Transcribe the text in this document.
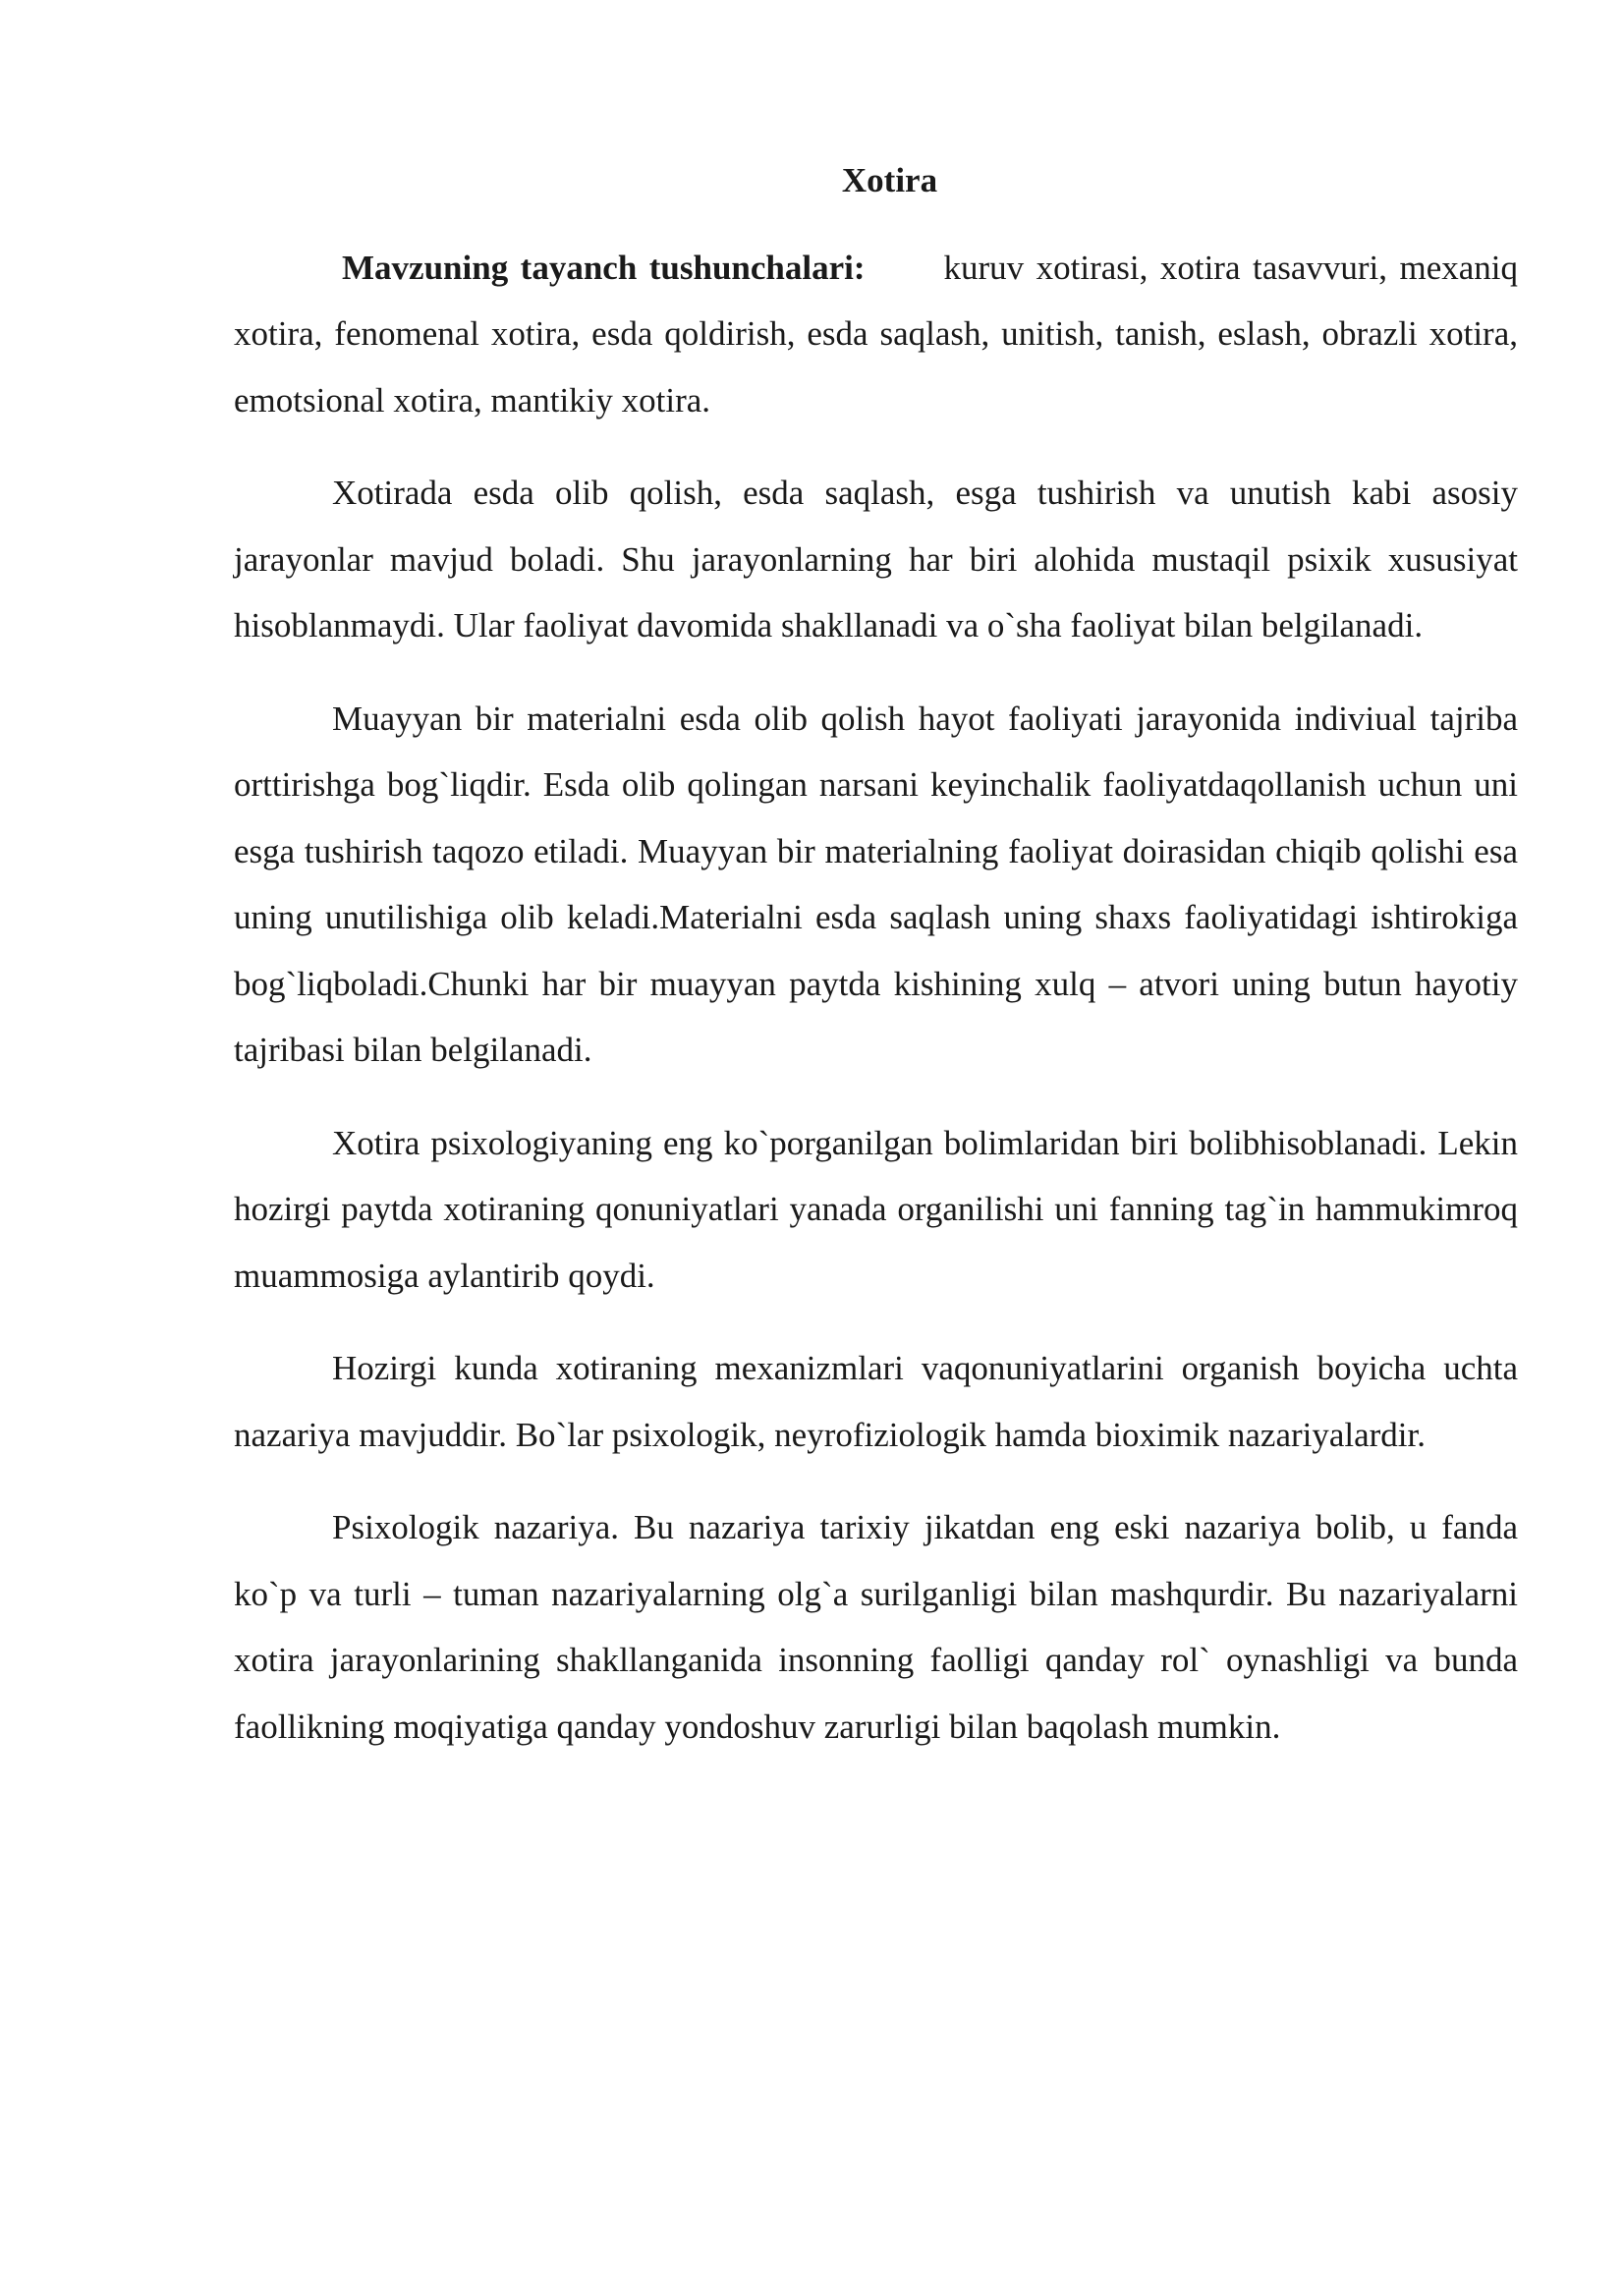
Xotira

Mavzuning tayanch tushunchalari: kuruv xotirasi, xotira tasavvuri, mexaniq xotira, fenomenal xotira, esda qoldirish, esda saqlash, unitish, tanish, eslash, obrazli xotira, emotsional xotira, mantikiy xotira.

Xotirada esda olib qolish, esda saqlash, esga tushirish va unutish kabi asosiy jarayonlar mavjud boladi. Shu jarayonlarning har biri alohida mustaqil psixik xususiyat hisoblanmaydi. Ular faoliyat davomida shakllanadi va o`sha faoliyat bilan belgilanadi.

Muayyan bir materialni esda olib qolish hayot faoliyati jarayonida indiviual tajriba orttirishga bog`liqdir. Esda olib qolingan narsani keyinchalik faoliyatdaqollanish uchun uni esga tushirish taqozo etiladi. Muayyan bir materialning faoliyat doirasidan chiqib qolishi esa uning unutilishiga olib keladi.Materialni esda saqlash uning shaxs faoliyatidagi ishtirokiga bog`liqboladi.Chunki har bir muayyan paytda kishining xulq – atvori uning butun hayotiy tajribasi bilan belgilanadi.

Xotira psixologiyaning eng ko`porganilgan bolimlaridan biri bolibhisoblanadi. Lekin hozirgi paytda xotiraning qonuniyatlari yanada organilishi uni fanning tag`in hammukimroq muammosiga aylantirib qoydi.

Hozirgi kunda xotiraning mexanizmlari vaqonuniyatlarini organish boyicha uchta nazariya mavjuddir. Bo`lar psixologik, neyrofiziologik hamda bioximik nazariyalardir.

Psixologik nazariya. Bu nazariya tarixiy jikatdan eng eski nazariya bolib, u fanda ko`p va turli – tuman nazariyalarning olg`a surilganligi bilan mashqurdir. Bu nazariyalarni xotira jarayonlarining shakllanganida insonning faolligi qanday rol` oynashligi va bunda faollikning moqiyatiga qanday yondoshuv zarurligi bilan baqolash mumkin.
